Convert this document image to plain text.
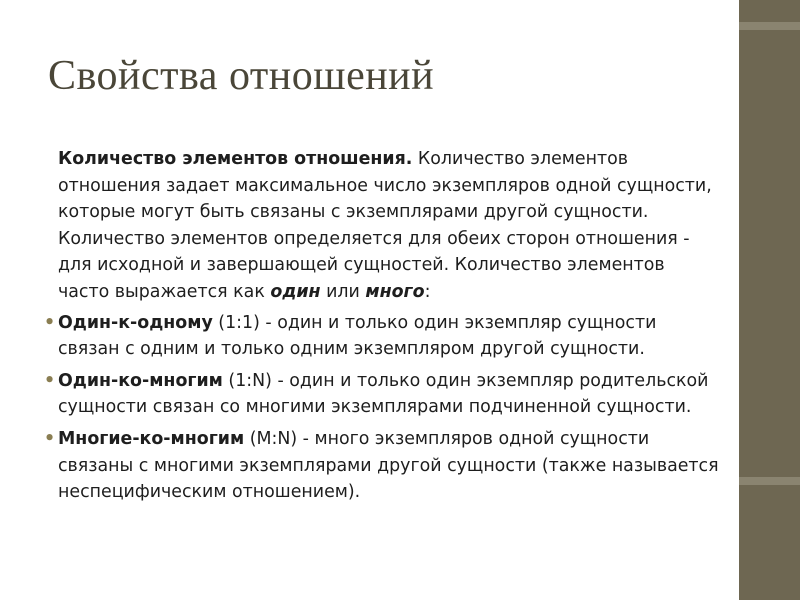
Свойства отношений

Количество элементов отношения. Количество элементов отношения задает максимальное число экземпляров одной сущности, которые могут быть связаны с экземплярами другой сущности. Количество элементов определяется для обеих сторон отношения - для исходной и завершающей сущностей. Количество элементов часто выражается как один или много:

• Один-к-одному (1:1) - один и только один экземпляр сущности связан с одним и только одним экземпляром другой сущности.

• Один-ко-многим (1:N) - один и только один экземпляр родительской сущности связан со многими экземплярами подчиненной сущности.

• Многие-ко-многим (M:N) - много экземпляров одной сущности связаны с многими экземплярами другой сущности (также называется неспецифическим отношением).
